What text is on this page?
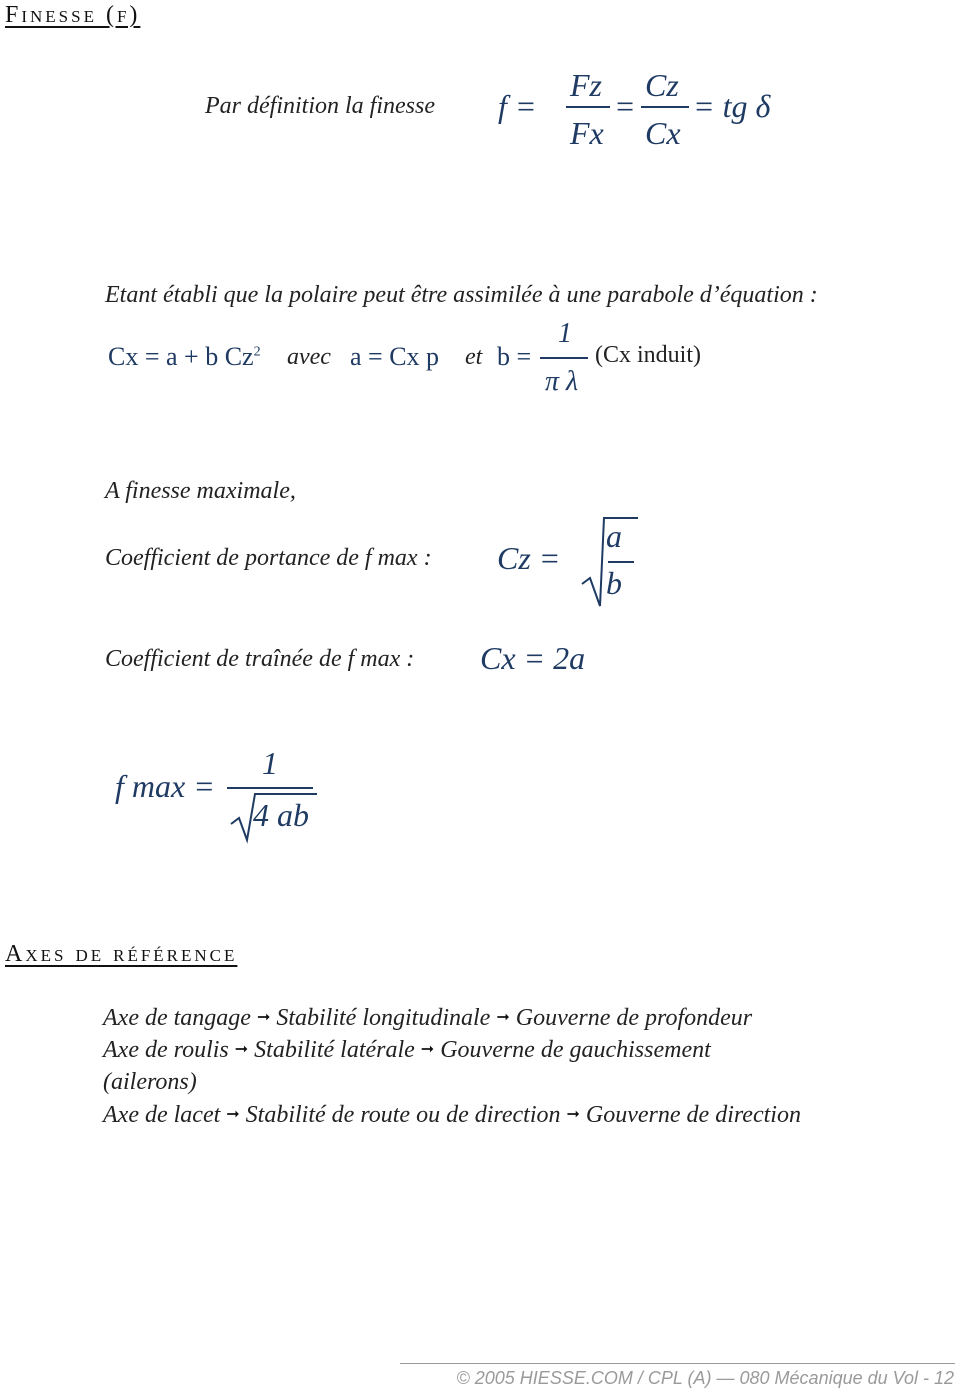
Finesse (f)
Par définition la finesse f =
Fz
Fx
=
Cz
Cx
= tg δ
Etant établi que la polaire peut être assimilée à une parabole d’équation :
Cx = a + b Cz$^2$ avec a = Cx p et b =
1
π λ
(Cx induit)
A finesse maximale,
Coefficient de portance de f max : Cz =
a
b
Coefficient de traînée de f max : Cx = 2a
f max =
1
4 ab
Axes de référence
Axe de tangage ➞ Stabilité longitudinale ➞ Gouverne de profondeur
Axe de roulis ➞ Stabilité latérale ➞ Gouverne de gauchissement
(ailerons)
Axe de lacet ➞ Stabilité de route ou de direction ➞ Gouverne de direction
© 2005 HIESSE.COM / CPL (A) — 080 Mécanique du Vol - 12
